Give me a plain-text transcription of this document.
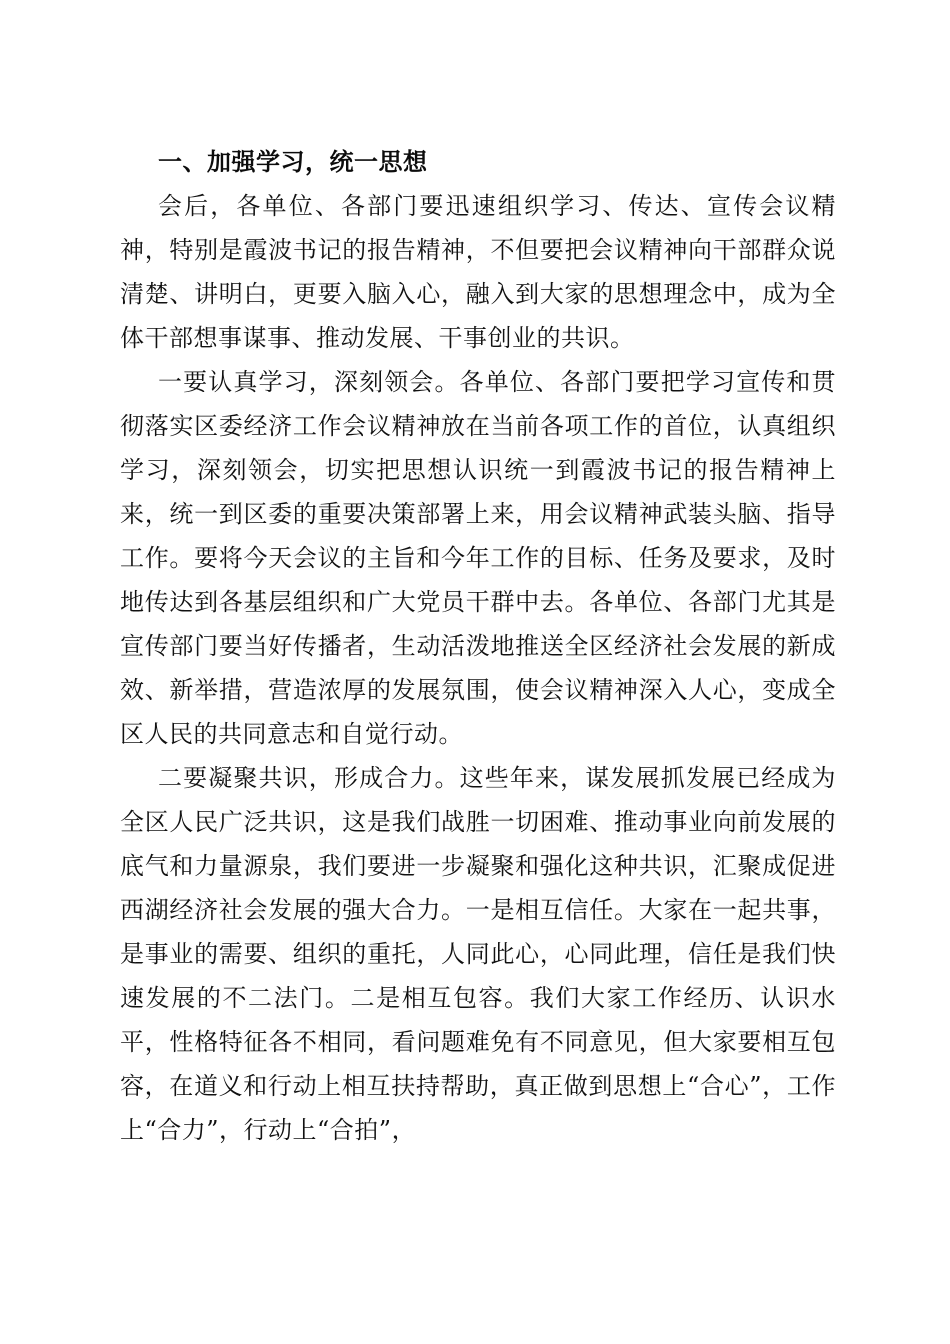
一、加强学习，统一思想

会后，各单位、各部门要迅速组织学习、传达、宣传会议精神，特别是霞波书记的报告精神，不但要把会议精神向干部群众说清楚、讲明白，更要入脑入心，融入到大家的思想理念中，成为全体干部想事谋事、推动发展、干事创业的共识。

一要认真学习，深刻领会。各单位、各部门要把学习宣传和贯彻落实区委经济工作会议精神放在当前各项工作的首位，认真组织学习，深刻领会，切实把思想认识统一到霞波书记的报告精神上来，统一到区委的重要决策部署上来，用会议精神武装头脑、指导工作。要将今天会议的主旨和今年工作的目标、任务及要求，及时地传达到各基层组织和广大党员干群中去。各单位、各部门尤其是宣传部门要当好传播者，生动活泼地推送全区经济社会发展的新成效、新举措，营造浓厚的发展氛围，使会议精神深入人心，变成全区人民的共同意志和自觉行动。

二要凝聚共识，形成合力。这些年来，谋发展抓发展已经成为全区人民广泛共识，这是我们战胜一切困难、推动事业向前发展的底气和力量源泉，我们要进一步凝聚和强化这种共识，汇聚成促进西湖经济社会发展的强大合力。一是相互信任。大家在一起共事，是事业的需要、组织的重托，人同此心，心同此理，信任是我们快速发展的不二法门。二是相互包容。我们大家工作经历、认识水平，性格特征各不相同，看问题难免有不同意见，但大家要相互包容，在道义和行动上相互扶持帮助，真正做到思想上“合心”，工作上“合力”，行动上“合拍”，
